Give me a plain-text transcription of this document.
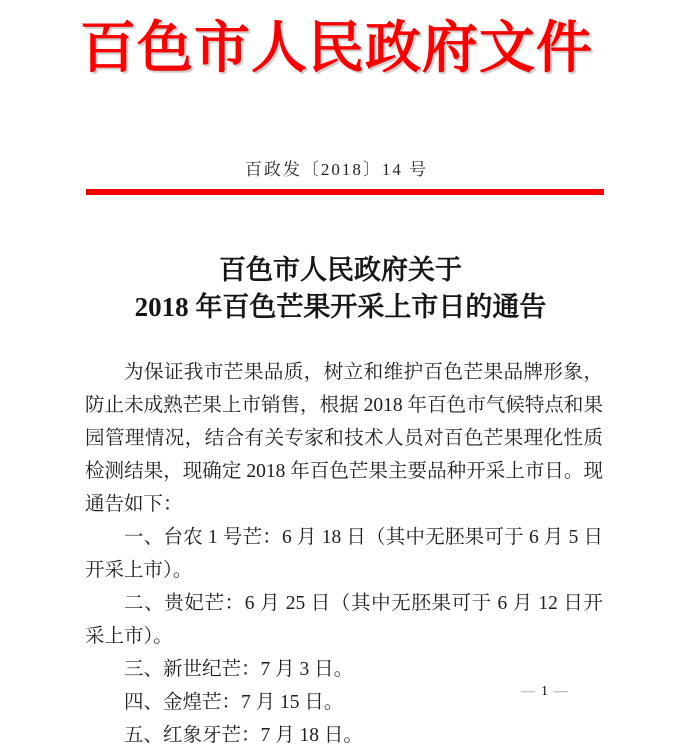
百色市人民政府文件
百政发〔2018〕14 号
百色市人民政府关于
2018 年百色芒果开采上市日的通告

为保证我市芒果品质，树立和维护百色芒果品牌形象，防止未成熟芒果上市销售，根据 2018 年百色市气候特点和果园管理情况，结合有关专家和技术人员对百色芒果理化性质检测结果，现确定 2018 年百色芒果主要品种开采上市日。现通告如下：

一、台农 1 号芒：6 月 18 日（其中无胚果可于 6 月 5 日开采上市）。

二、贵妃芒：6 月 25 日（其中无胚果可于 6 月 12 日开采上市）。

三、新世纪芒：7 月 3 日。

四、金煌芒：7 月 15 日。

五、红象牙芒：7 月 18 日。

— 1 —
